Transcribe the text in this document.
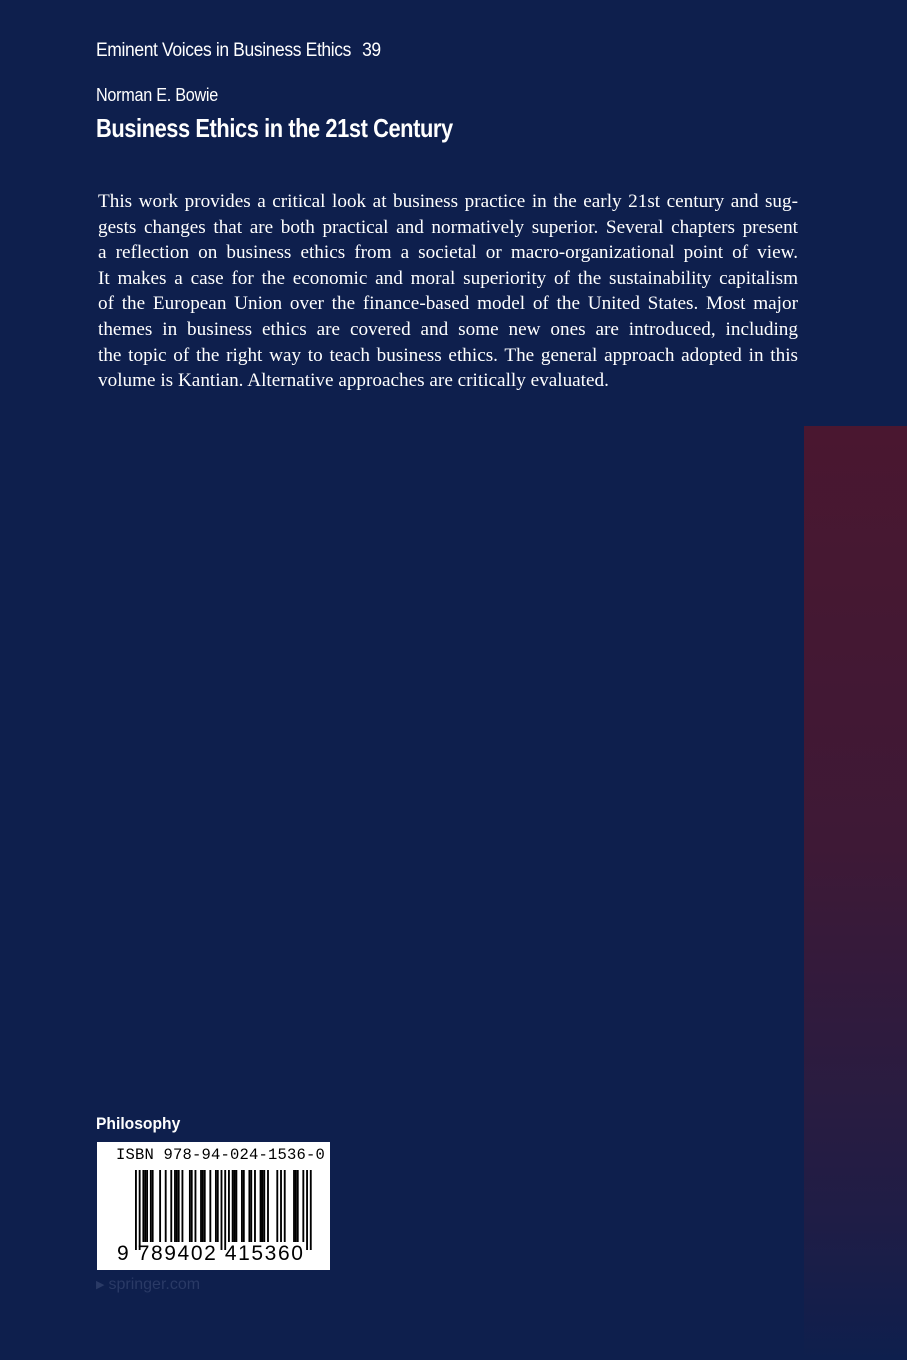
Eminent Voices in Business Ethics 39
Norman E. Bowie
Business Ethics in the 21st Century
This work provides a critical look at business practice in the early 21st century and sug-
gests changes that are both practical and normatively superior. Several chapters present
a reflection on business ethics from a societal or macro-organizational point of view.
It makes a case for the economic and moral superiority of the sustainability capitalism
of the European Union over the finance-based model of the United States. Most major
themes in business ethics are covered and some new ones are introduced, including
the topic of the right way to teach business ethics. The general approach adopted in this
volume is Kantian. Alternative approaches are critically evaluated.
Philosophy
ISBN 978-94-024-1536-0
9 789402 415360
▶ springer.com
